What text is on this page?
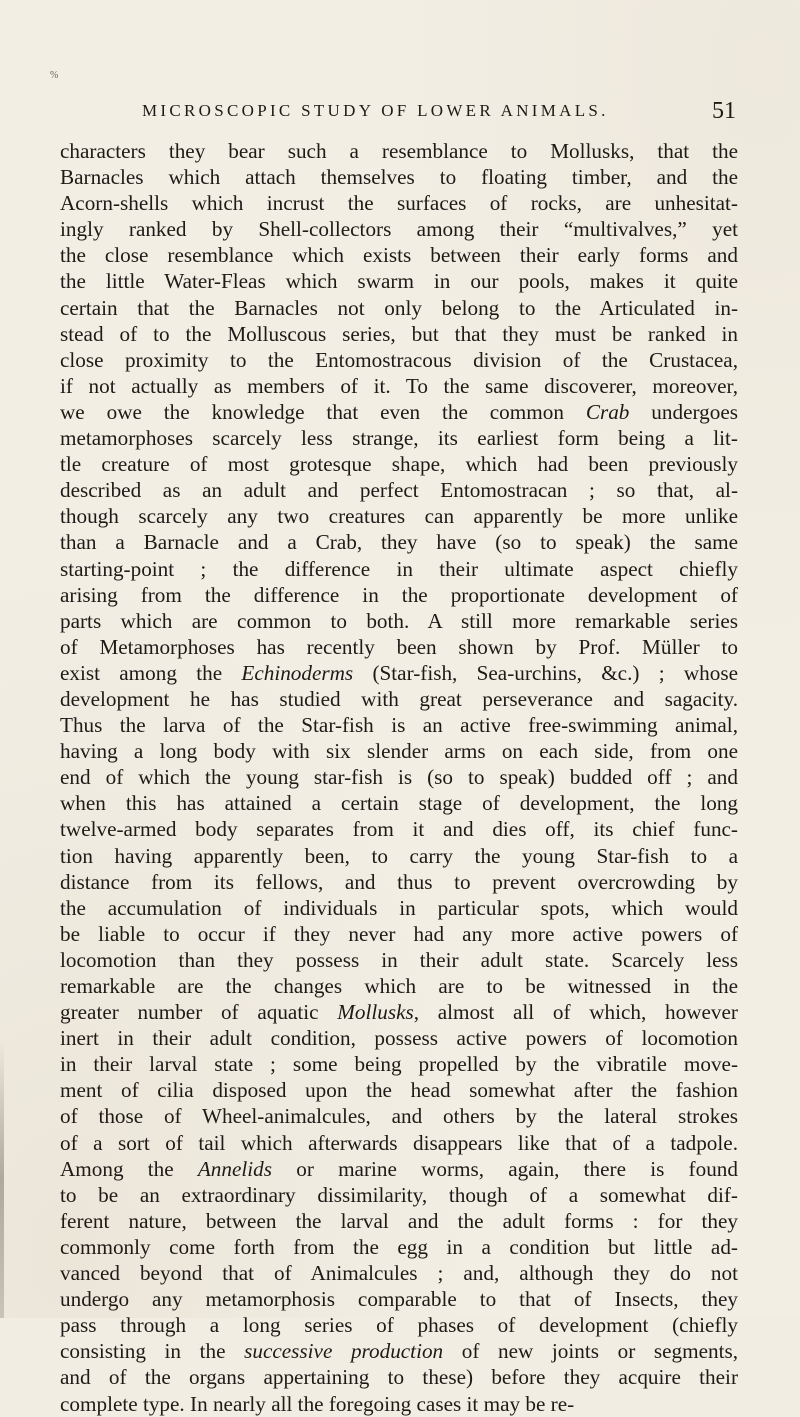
%
MICROSCOPIC STUDY OF LOWER ANIMALS.	51
characters they bear such a resemblance to Mollusks, that the
Barnacles which attach themselves to floating timber, and the
Acorn-shells which incrust the surfaces of rocks, are unhesitat-
ingly ranked by Shell-collectors among their “multivalves,” yet
the close resemblance which exists between their early forms and
the little Water-Fleas which swarm in our pools, makes it quite
certain that the Barnacles not only belong to the Articulated in-
stead of to the Molluscous series, but that they must be ranked in
close proximity to the Entomostracous division of the Crustacea,
if not actually as members of it. To the same discoverer, moreover,
we owe the knowledge that even the common Crab undergoes
metamorphoses scarcely less strange, its earliest form being a lit-
tle creature of most grotesque shape, which had been previously
described as an adult and perfect Entomostracan ; so that, al-
though scarcely any two creatures can apparently be more unlike
than a Barnacle and a Crab, they have (so to speak) the same
starting-point ; the difference in their ultimate aspect chiefly
arising from the difference in the proportionate development of
parts which are common to both. A still more remarkable series
of Metamorphoses has recently been shown by Prof. Müller to
exist among the Echinoderms (Star-fish, Sea-urchins, &c.) ; whose
development he has studied with great perseverance and sagacity.
Thus the larva of the Star-fish is an active free-swimming animal,
having a long body with six slender arms on each side, from one
end of which the young star-fish is (so to speak) budded off ; and
when this has attained a certain stage of development, the long
twelve-armed body separates from it and dies off, its chief func-
tion having apparently been, to carry the young Star-fish to a
distance from its fellows, and thus to prevent overcrowding by
the accumulation of individuals in particular spots, which would
be liable to occur if they never had any more active powers of
locomotion than they possess in their adult state. Scarcely less
remarkable are the changes which are to be witnessed in the
greater number of aquatic Mollusks, almost all of which, however
inert in their adult condition, possess active powers of locomotion
in their larval state ; some being propelled by the vibratile move-
ment of cilia disposed upon the head somewhat after the fashion
of those of Wheel-animalcules, and others by the lateral strokes
of a sort of tail which afterwards disappears like that of a tadpole.
Among the Annelids or marine worms, again, there is found
to be an extraordinary dissimilarity, though of a somewhat dif-
ferent nature, between the larval and the adult forms : for they
commonly come forth from the egg in a condition but little ad-
vanced beyond that of Animalcules ; and, although they do not
undergo any metamorphosis comparable to that of Insects, they
pass through a long series of phases of development (chiefly
consisting in the successive production of new joints or segments,
and of the organs appertaining to these) before they acquire their
complete type. In nearly all the foregoing cases it may be re-
